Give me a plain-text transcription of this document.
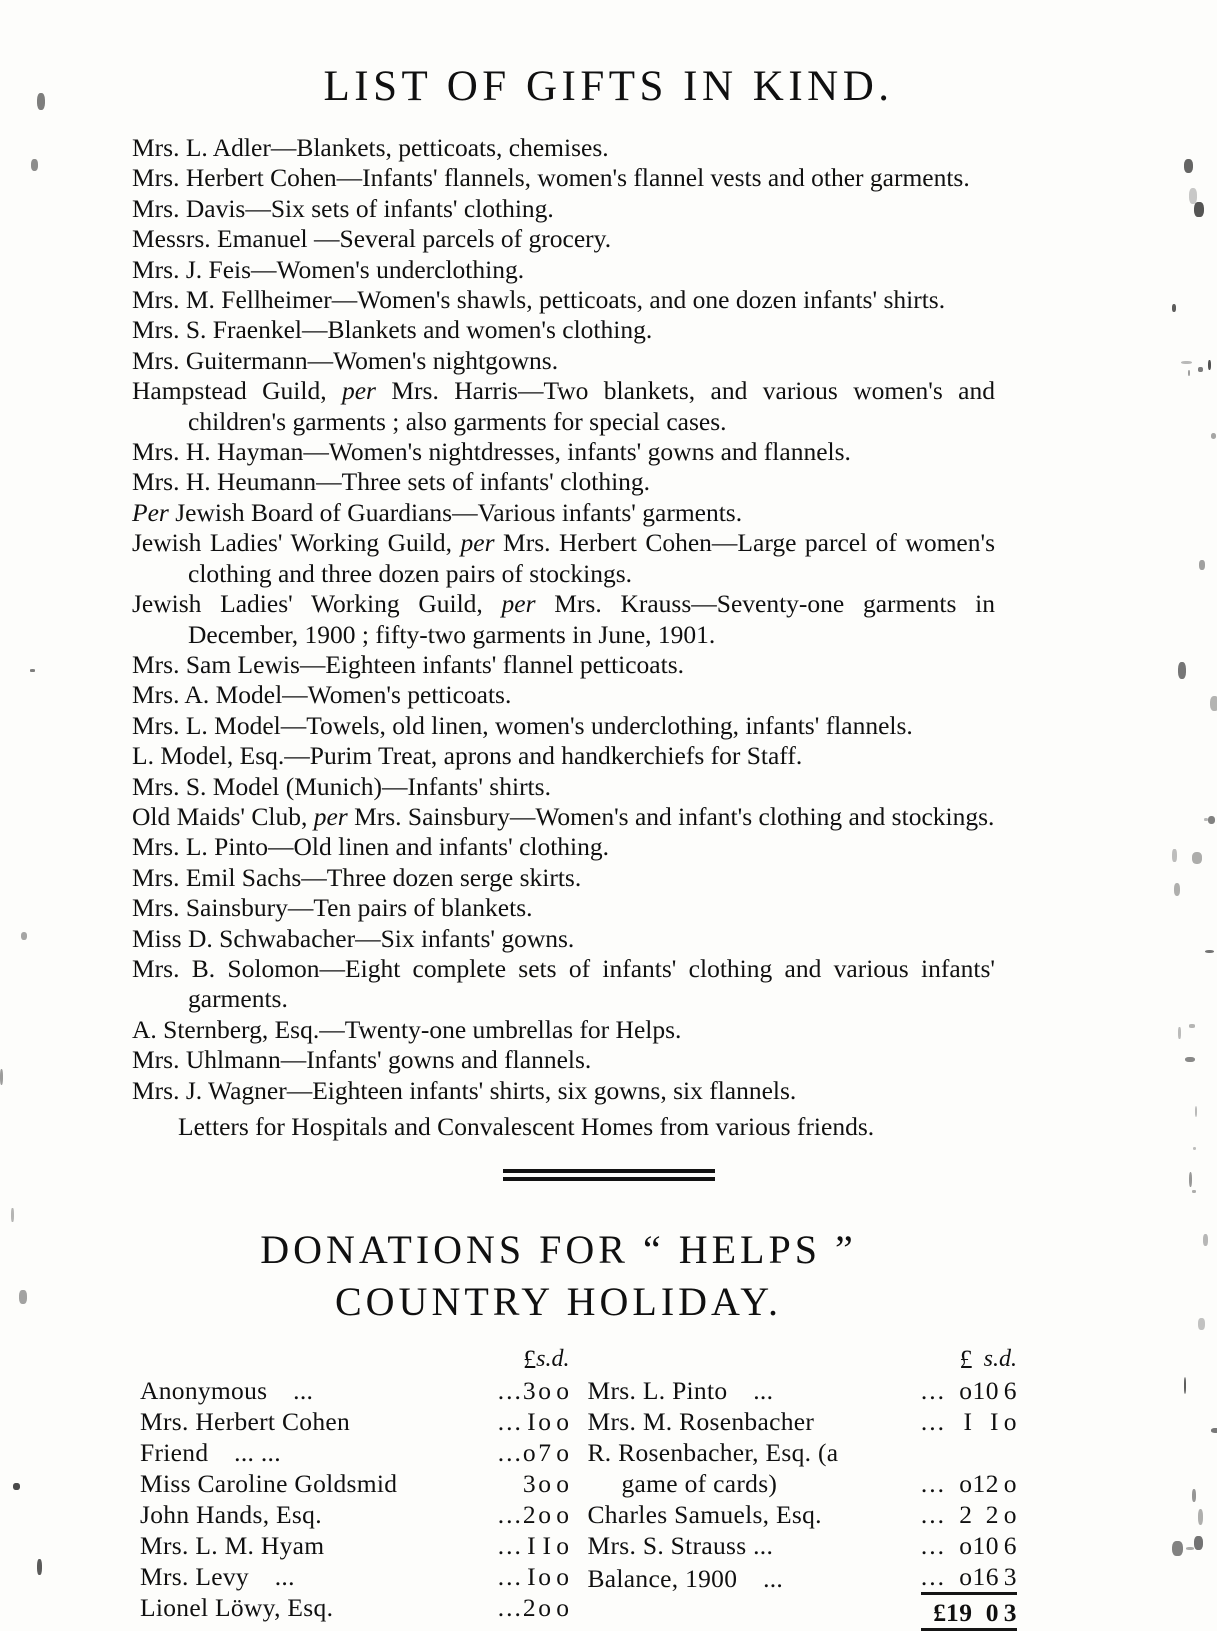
LIST OF GIFTS IN KIND.
Mrs. L. Adler—Blankets, petticoats, chemises.
Mrs. Herbert Cohen—Infants' flannels, women's flannel vests and other garments.
Mrs. Davis—Six sets of infants' clothing.
Messrs. Emanuel —Several parcels of grocery.
Mrs. J. Feis—Women's underclothing.
Mrs. M. Fellheimer—Women's shawls, petticoats, and one dozen infants' shirts.
Mrs. S. Fraenkel—Blankets and women's clothing.
Mrs. Guitermann—Women's nightgowns.
Hampstead Guild, per Mrs. Harris—Two blankets, and various women's and children's garments ; also garments for special cases.
Mrs. H. Hayman—Women's nightdresses, infants' gowns and flannels.
Mrs. H. Heumann—Three sets of infants' clothing.
Per Jewish Board of Guardians—Various infants' garments.
Jewish Ladies' Working Guild, per Mrs. Herbert Cohen—Large parcel of women's clothing and three dozen pairs of stockings.
Jewish Ladies' Working Guild, per Mrs. Krauss—Seventy-one garments in December, 1900 ; fifty-two garments in June, 1901.
Mrs. Sam Lewis—Eighteen infants' flannel petticoats.
Mrs. A. Model—Women's petticoats.
Mrs. L. Model—Towels, old linen, women's underclothing, infants' flannels.
L. Model, Esq.—Purim Treat, aprons and handkerchiefs for Staff.
Mrs. S. Model (Munich)—Infants' shirts.
Old Maids' Club, per Mrs. Sainsbury—Women's and infant's clothing and stockings.
Mrs. L. Pinto—Old linen and infants' clothing.
Mrs. Emil Sachs—Three dozen serge skirts.
Mrs. Sainsbury—Ten pairs of blankets.
Miss D. Schwabacher—Six infants' gowns.
Mrs. B. Solomon—Eight complete sets of infants' clothing and various infants' garments.
A. Sternberg, Esq.—Twenty-one umbrellas for Helps.
Mrs. Uhlmann—Infants' gowns and flannels.
Mrs. J. Wagner—Eighteen infants' shirts, six gowns, six flannels.

Letters for Hospitals and Convalescent Homes from various friends.

DONATIONS FOR “ HELPS ”
COUNTRY HOLIDAY.
		£	s.	d.
Anonymous ...	...	3	o	o
Mrs. Herbert Cohen	...	I	o	o
Friend ... ...	...	o	7	o
Miss Caroline Goldsmid		3	o	o
John Hands, Esq.	...	2	o	o
Mrs. L. M. Hyam	...	I	I	o
Mrs. Levy ...	...	I	o	o
Lionel Löwy, Esq.	...	2	o	o
		£	s.	d.
Mrs. L. Pinto ...	...	o	10	6
Mrs. M. Rosenbacher	...	I	I	o
R. Rosenbacher, Esq. (a				
game of cards)	...	o	12	o
Charles Samuels, Esq.	...	2	2	o
Mrs. S. Strauss ...	...	o	10	6
Balance, 1900 ...	...	o	16	3
	£	19	0	3
